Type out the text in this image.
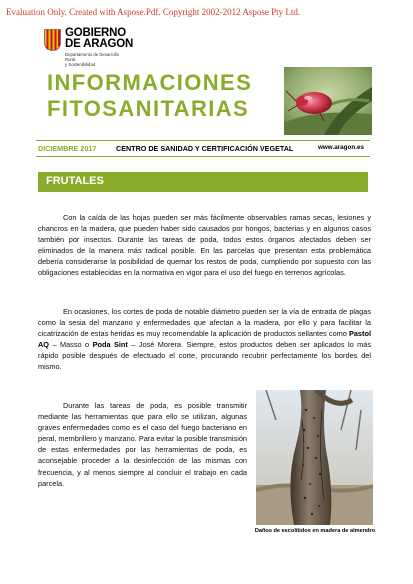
Evaluation Only. Created with Aspose.Pdf. Copyright 2002-2012 Aspose Pty Ltd.
GOBIERNO
DE ARAGON
Departamento de Desarrollo Rural
y Sostenibilidad
INFORMACIONES
FITOSANITARIAS
DICIEMBRE 2017	CENTRO DE SANIDAD Y CERTIFICACIÓN VEGETAL	www.aragon.es
FRUTALES

Con la caída de las hojas pueden ser más fácilmente observables ramas secas, lesiones y chancros en la madera, que pueden haber sido causados por hongos, bacterias y en algunos casos también por insectos. Durante las tareas de poda, todos estos órganos afectados deben ser eliminados de la manera más radical posible. En las parcelas que presentan esta problemática debería considerarse la posibilidad de quemar los restos de poda, cumpliendo por supuesto con las obligaciones establecidas en la normativa en vigor para el uso del fuego en terrenos agrícolas.

En ocasiones, los cortes de poda de notable diámetro pueden ser la vía de entrada de plagas como la sesia del manzano y enfermedades que afectan a la madera, por ello y para facilitar la cicatrización de estas heridas es muy recomendable la aplicación de productos sellantes como Pastol AQ – Masso o Poda Sint – José Morera. Siempre, estos productos deben ser aplicados lo más rápido posible después de efectuado el corte, procurando recubrir perfectamente los bordes del mismo.

Durante las tareas de poda, es posible transmitir mediante las herramientas que para ello se utilizan, algunas graves enfermedades como es el caso del fuego bacteriano en peral, membrillero y manzano. Para evitar la posible transmisión de estas enfermedades por las herramientas de poda, es aconsejable proceder a la desinfección de las mismas con frecuencia, y al menos siempre al concluir el trabajo en cada parcela.

Daños de escolítidos en madera de almendro
